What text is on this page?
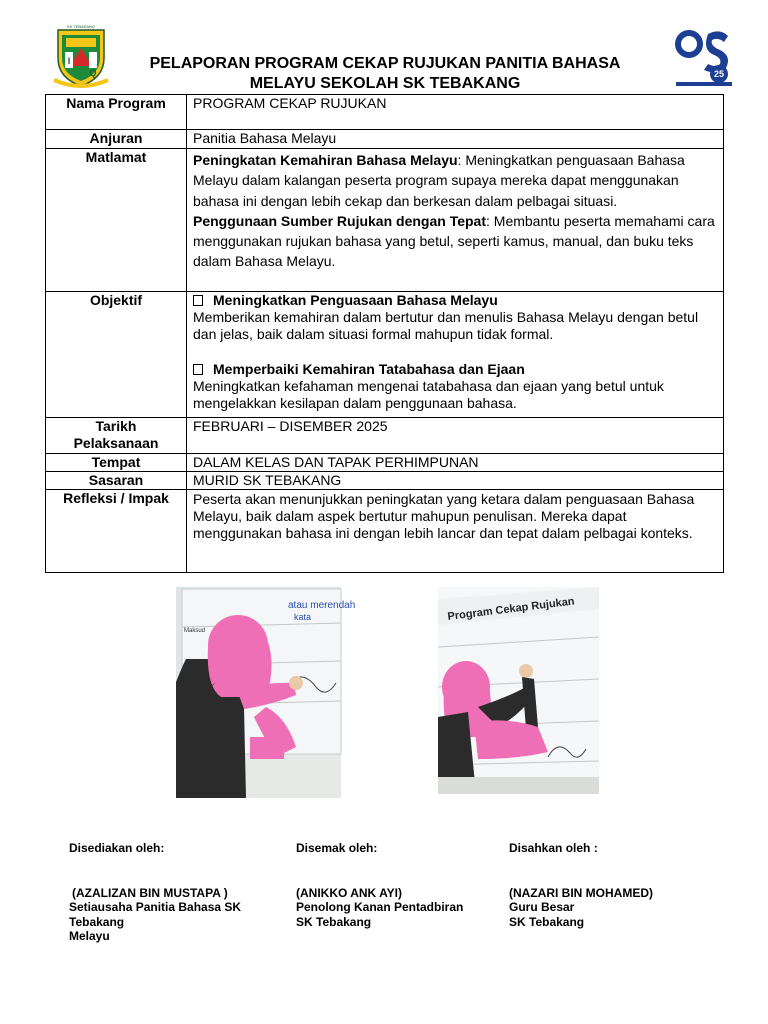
I
Q
SK TEBAKANG
PELAPORAN PROGRAM CEKAP RUJUKAN PANITIA BAHASA
MELAYU SEKOLAH SK TEBAKANG
25
Nama Program	PROGRAM CEKAP RUJUKAN
Anjuran	Panitia Bahasa Melayu
Matlamat	Peningkatan Kemahiran Bahasa Melayu: Meningkatkan penguasaan Bahasa Melayu dalam kalangan peserta program supaya mereka dapat menggunakan bahasa ini dengan lebih cekap dan berkesan dalam pelbagai situasi.

Penggunaan Sumber Rujukan dengan Tepat: Membantu peserta memahami cara menggunakan rujukan bahasa yang betul, seperti kamus, manual, dan buku teks dalam Bahasa Melayu.

Objektif	Meningkatkan Penguasaan Bahasa Melayu
Memberikan kemahiran dalam bertutur dan menulis Bahasa Melayu dengan betul dan jelas, baik dalam situasi formal mahupun tidak formal.
Memperbaiki Kemahiran Tatabahasa dan Ejaan
Meningkatkan kefahaman mengenai tatabahasa dan ejaan yang betul untuk mengelakkan kesilapan dalam penggunaan bahasa.

Tarikh
Pelaksanaan	FEBRUARI – DISEMBER 2025
Tempat	DALAM KELAS DAN TAPAK PERHIMPUNAN
Sasaran	MURID SK TEBAKANG
Refleksi / Impak	Peserta akan menunjukkan peningkatan yang ketara dalam penguasaan Bahasa Melayu, baik dalam aspek bertutur mahupun penulisan. Mereka dapat menggunakan bahasa ini dengan lebih lancar dan tepat dalam pelbagai konteks.
atau merendah
kata
Maksud
Program Cekap Rujukan
Disediakan oleh:
(AZALIZAN BIN MUSTAPA )
Setiausaha Panitia Bahasa SK
Tebakang
Melayu
Disemak oleh:
(ANIKKO ANK AYI)
Penolong Kanan Pentadbiran
SK Tebakang
Disahkan oleh :
(NAZARI BIN MOHAMED)
Guru Besar
SK Tebakang
